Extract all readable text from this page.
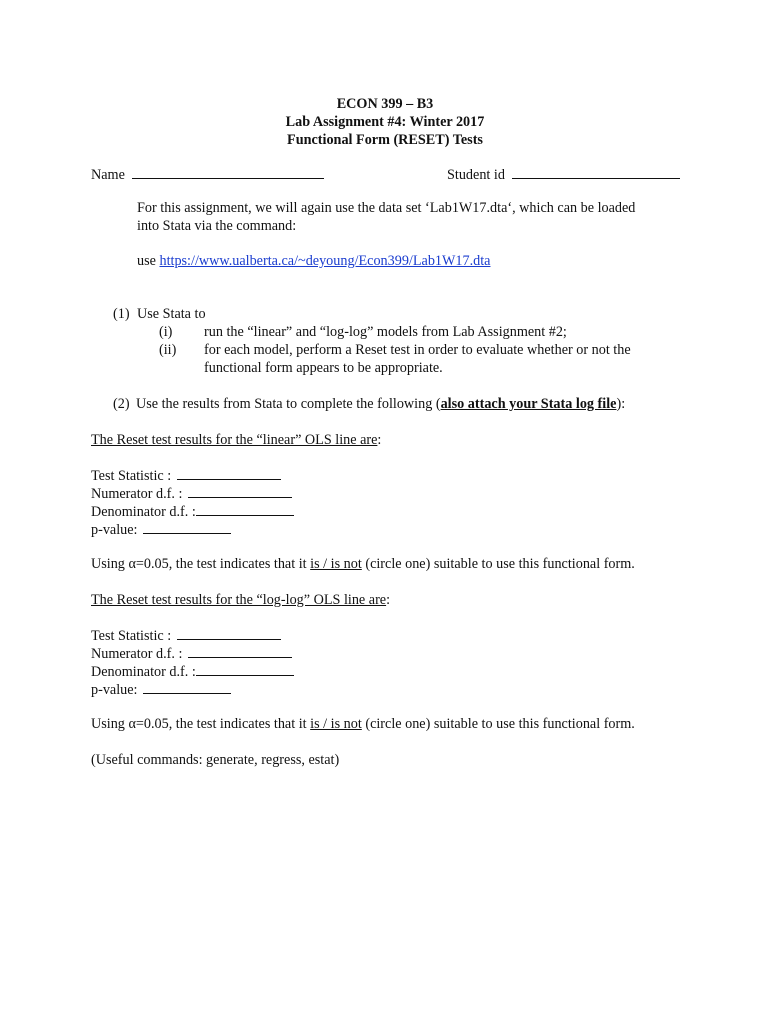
ECON 399 – B3
Lab Assignment #4: Winter 2017
Functional Form (RESET) Tests
Name	Student id
For this assignment, we will again use the data set ‘Lab1W17.dta‘, which can be loaded
into Stata via the command:
use https://www.ualberta.ca/~deyoung/Econ399/Lab1W17.dta
(1) Use Stata to
(i) run the “linear” and “log-log” models from Lab Assignment #2;
(ii) for each model, perform a Reset test in order to evaluate whether or not the
functional form appears to be appropriate.
(2) Use the results from Stata to complete the following (also attach your Stata log file):
The Reset test results for the “linear” OLS line are:
Test Statistic :
Numerator d.f. :
Denominator d.f. :
p-value:
Using α=0.05, the test indicates that it is / is not (circle one) suitable to use this functional form.
The Reset test results for the “log-log” OLS line are:
Test Statistic :
Numerator d.f. :
Denominator d.f. :
p-value:
Using α=0.05, the test indicates that it is / is not (circle one) suitable to use this functional form.
(Useful commands: generate, regress, estat)
